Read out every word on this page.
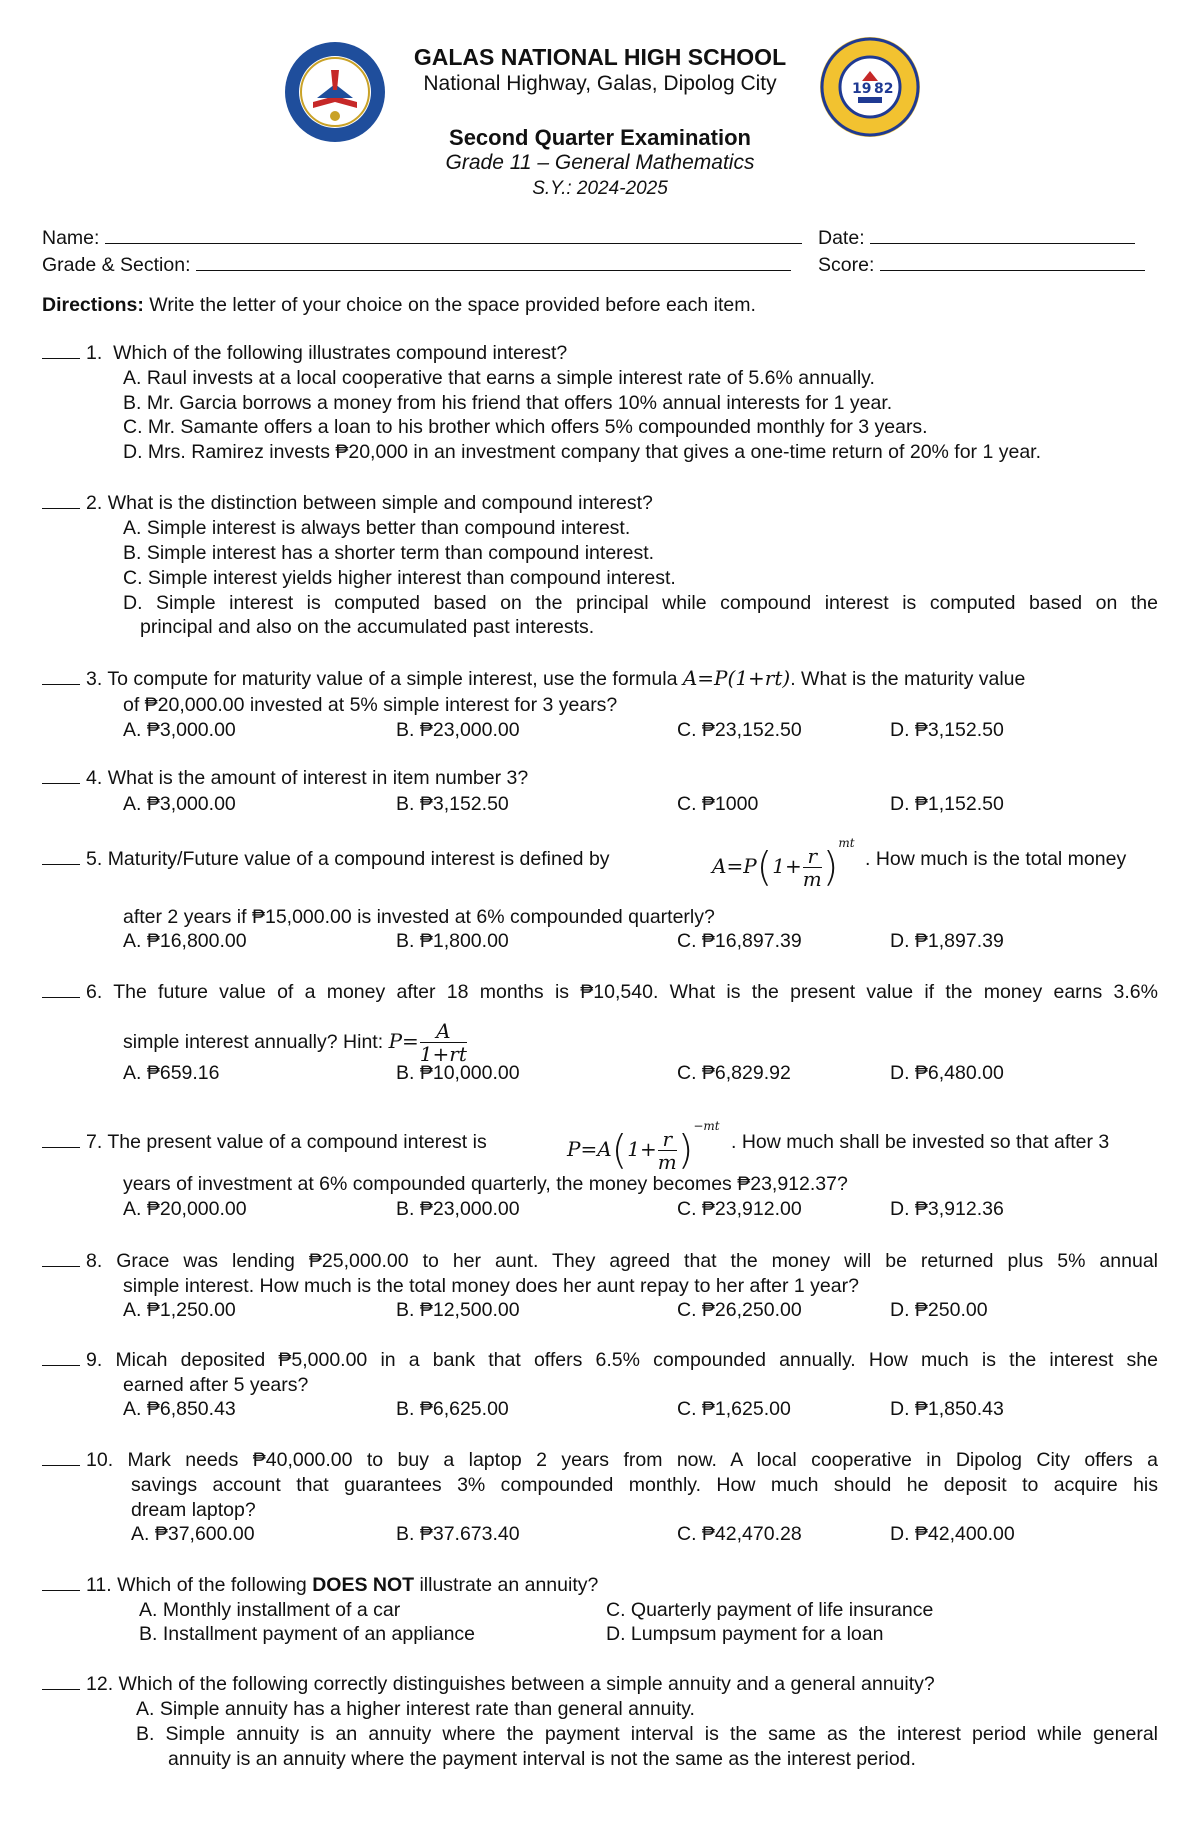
19 82
GALAS NATIONAL HIGH SCHOOL
National Highway, Galas, Dipolog City
Second Quarter Examination
Grade 11 – General Mathematics
S.Y.: 2024-2025
Name:	Date:
Grade & Section:	Score:
Directions: Write the letter of your choice on the space provided before each item.
1. Which of the following illustrates compound interest?
A. Raul invests at a local cooperative that earns a simple interest rate of 5.6% annually.
B. Mr. Garcia borrows a money from his friend that offers 10% annual interests for 1 year.
C. Mr. Samante offers a loan to his brother which offers 5% compounded monthly for 3 years.
D. Mrs. Ramirez invests ₱20,000 in an investment company that gives a one-time return of 20% for 1 year.
2. What is the distinction between simple and compound interest?
A. Simple interest is always better than compound interest.
B. Simple interest has a shorter term than compound interest.
C. Simple interest yields higher interest than compound interest.
D. Simple interest is computed based on the principal while compound interest is computed based on the
principal and also on the accumulated past interests.
3. To compute for maturity value of a simple interest, use the formula A=P(1+rt). What is the maturity value
of ₱20,000.00 invested at 5% simple interest for 3 years?
A. ₱3,000.00	B. ₱23,000.00	C. ₱23,152.50	D. ₱3,152.50
4. What is the amount of interest in item number 3?
A. ₱3,000.00	B. ₱3,152.50	C. ₱1000	D. ₱1,152.50
5. Maturity/Future value of a compound interest is defined by	$A=P(1+ \frac{r}{m} )^{mt}$
. How much is the total money
after 2 years if ₱15,000.00 is invested at 6% compounded quarterly?
A. ₱16,800.00	B. ₱1,800.00	C. ₱16,897.39	D. ₱1,897.39
6. The future value of a money after 18 months is ₱10,540. What is the present value if the money earns 3.6%
simple interest annually? Hint: $P= \frac{A}{1+rt}$
A. ₱659.16	B. ₱10,000.00	C. ₱6,829.92	D. ₱6,480.00
7. The present value of a compound interest is	$P=A(1+ \frac{r}{m} )^{-mt}$
. How much shall be invested so that after 3
years of investment at 6% compounded quarterly, the money becomes ₱23,912.37?
A. ₱20,000.00	B. ₱23,000.00	C. ₱23,912.00	D. ₱3,912.36
8. Grace was lending ₱25,000.00 to her aunt. They agreed that the money will be returned plus 5% annual
simple interest. How much is the total money does her aunt repay to her after 1 year?
A. ₱1,250.00	B. ₱12,500.00	C. ₱26,250.00	D. ₱250.00
9. Micah deposited ₱5,000.00 in a bank that offers 6.5% compounded annually. How much is the interest she
earned after 5 years?
A. ₱6,850.43	B. ₱6,625.00	C. ₱1,625.00	D. ₱1,850.43
10. Mark needs ₱40,000.00 to buy a laptop 2 years from now. A local cooperative in Dipolog City offers a
savings account that guarantees 3% compounded monthly. How much should he deposit to acquire his
dream laptop?
A. ₱37,600.00	B. ₱37.673.40	C. ₱42,470.28	D. ₱42,400.00
11. Which of the following DOES NOT illustrate an annuity?
A. Monthly installment of a car
B. Installment payment of an appliance
C. Quarterly payment of life insurance
D. Lumpsum payment for a loan
12. Which of the following correctly distinguishes between a simple annuity and a general annuity?
A. Simple annuity has a higher interest rate than general annuity.
B. Simple annuity is an annuity where the payment interval is the same as the interest period while general
annuity is an annuity where the payment interval is not the same as the interest period.
